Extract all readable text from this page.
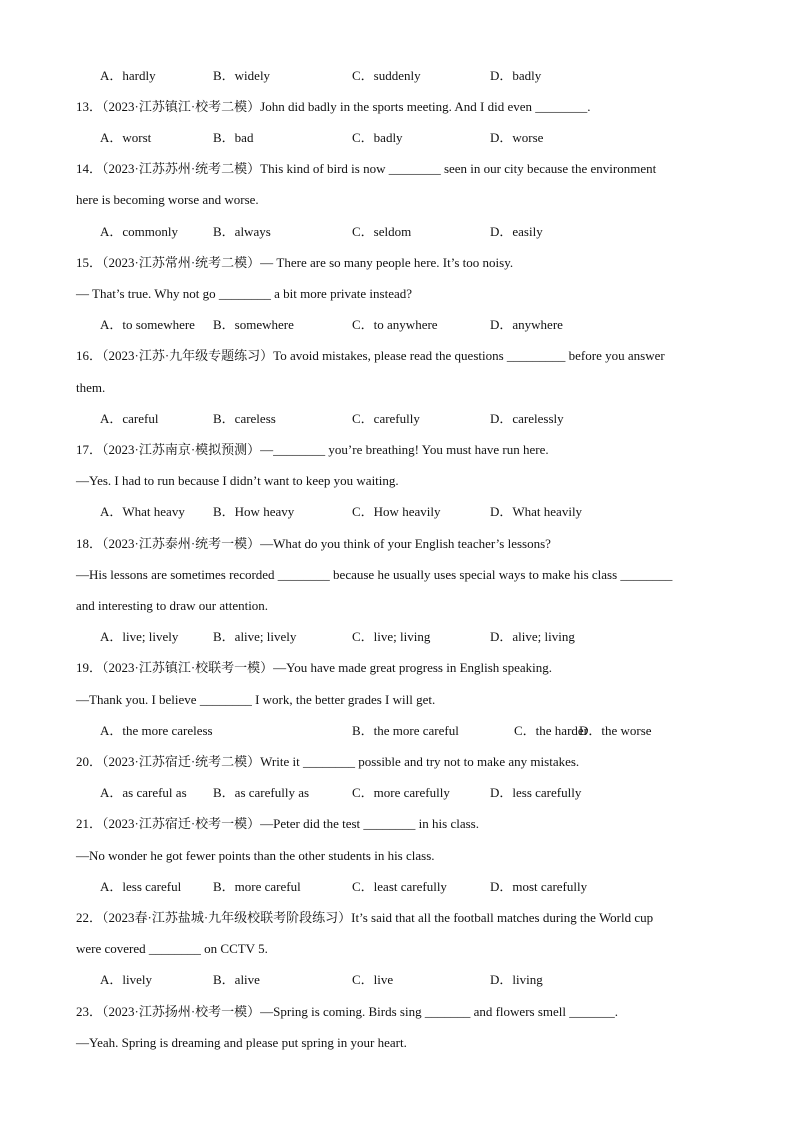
A．hardly	B．widely	C．suddenly	D．badly
13．（2023·江苏镇江·校考二模）John did badly in the sports meeting. And I did even ________.
A．worst	B．bad	C．badly	D．worse
14．（2023·江苏苏州·统考二模）This kind of bird is now ________ seen in our city because the environment
here is becoming worse and worse.
A．commonly	B．always	C．seldom	D．easily
15．（2023·江苏常州·统考二模）— There are so many people here. It’s too noisy.
— That’s true. Why not go ________ a bit more private instead?
A．to somewhere B．somewhere	C．to anywhere	D．anywhere
16．（2023·江苏·九年级专题练习）To avoid mistakes, please read the questions _________ before you answer
them.
A．careful	B．careless	C．carefully	D．carelessly
17．（2023·江苏南京·模拟预测）—________ you’re breathing! You must have run here.
—Yes. I had to run because I didn’t want to keep you waiting.
A．What heavy B．How heavy	C．How heavily	D．What heavily
18．（2023·江苏泰州·统考一模）—What do you think of your English teacher’s lessons?
—His lessons are sometimes recorded ________ because he usually uses special ways to make his class ________
and interesting to draw our attention.
A．live; lively	B．alive; lively	C．live; living	D．alive; living
19．（2023·江苏镇江·校联考一模）—You have made great progress in English speaking.
—Thank you. I believe ________ I work, the better grades I will get.
A．the more careless	B．the more careful	C．the harder
D．the worse
20．（2023·江苏宿迁·统考二模）Write it ________ possible and try not to make any mistakes.
A．as careful as B．as carefully as	C．more carefully	D．less carefully
21．（2023·江苏宿迁·校考一模）—Peter did the test ________ in his class.
—No wonder he got fewer points than the other students in his class.
A．less careful B．more careful	C．least carefully	D．most carefully
22．（2023春·江苏盐城·九年级校联考阶段练习）It’s said that all the football matches during the World cup
were covered ________ on CCTV 5.
A．lively	B．alive	C．live	D．living
23．（2023·江苏扬州·校考一模）—Spring is coming. Birds sing _______ and flowers smell _______.
—Yeah. Spring is dreaming and please put spring in your heart.
